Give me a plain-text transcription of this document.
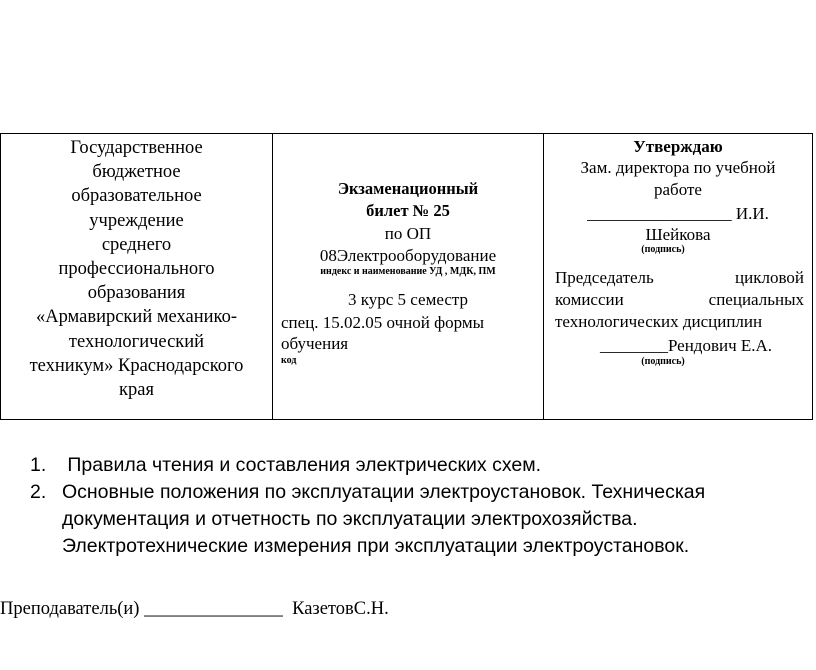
Государственное
бюджетное
образовательное
учреждение
среднего
профессионального
образования
«Армавирский механико-
технологический
техникум» Краснодарского
края
Экзаменационный
билет № 25
по ОП
08Электрооборудование
индекс и наименование УД , МДК, ПМ
3 курс 5 семестр
спец. 15.02.05 очной формы
обучения
код
Утверждаю
Зам. директора по учебной
работе
_________________ И.И.
Шейкова
(подпись)
Председатель цикловой
комиссии специальных
технологических дисциплин
________Рендович Е.А.
(подпись)
1. Правила чтения и составления электрических схем.
2. Основные положения по эксплуатации электроустановок. Техническая
документация и отчетность по эксплуатации электрохозяйства.
Электротехнические измерения при эксплуатации электроустановок.
Преподаватель(и) _______________  КазетовС.Н.
